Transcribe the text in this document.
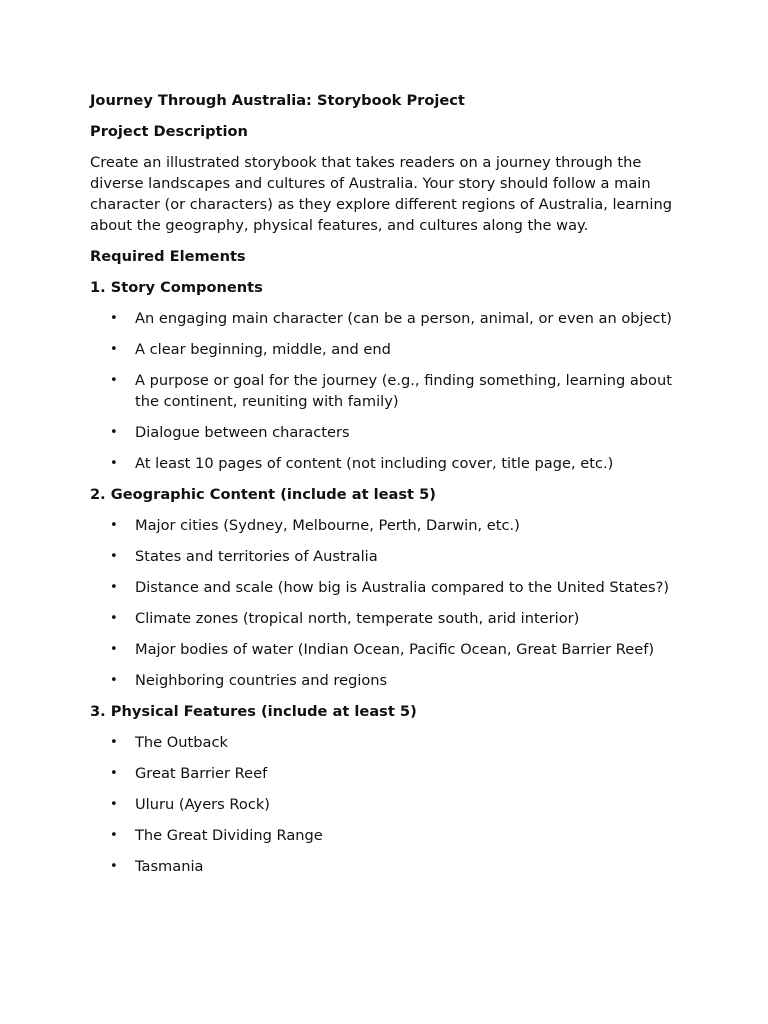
Journey Through Australia: Storybook Project
Project Description

Create an illustrated storybook that takes readers on a journey through the diverse landscapes and cultures of Australia. Your story should follow a main character (or characters) as they explore different regions of Australia, learning about the geography, physical features, and cultures along the way.

Required Elements
1. Story Components
• An engaging main character (can be a person, animal, or even an object)
• A clear beginning, middle, and end
• A purpose or goal for the journey (e.g., finding something, learning about the continent, reuniting with family)
• Dialogue between characters
• At least 10 pages of content (not including cover, title page, etc.)
2. Geographic Content (include at least 5)
• Major cities (Sydney, Melbourne, Perth, Darwin, etc.)
• States and territories of Australia
• Distance and scale (how big is Australia compared to the United States?)
• Climate zones (tropical north, temperate south, arid interior)
• Major bodies of water (Indian Ocean, Pacific Ocean, Great Barrier Reef)
• Neighboring countries and regions
3. Physical Features (include at least 5)
• The Outback
• Great Barrier Reef
• Uluru (Ayers Rock)
• The Great Dividing Range
• Tasmania
